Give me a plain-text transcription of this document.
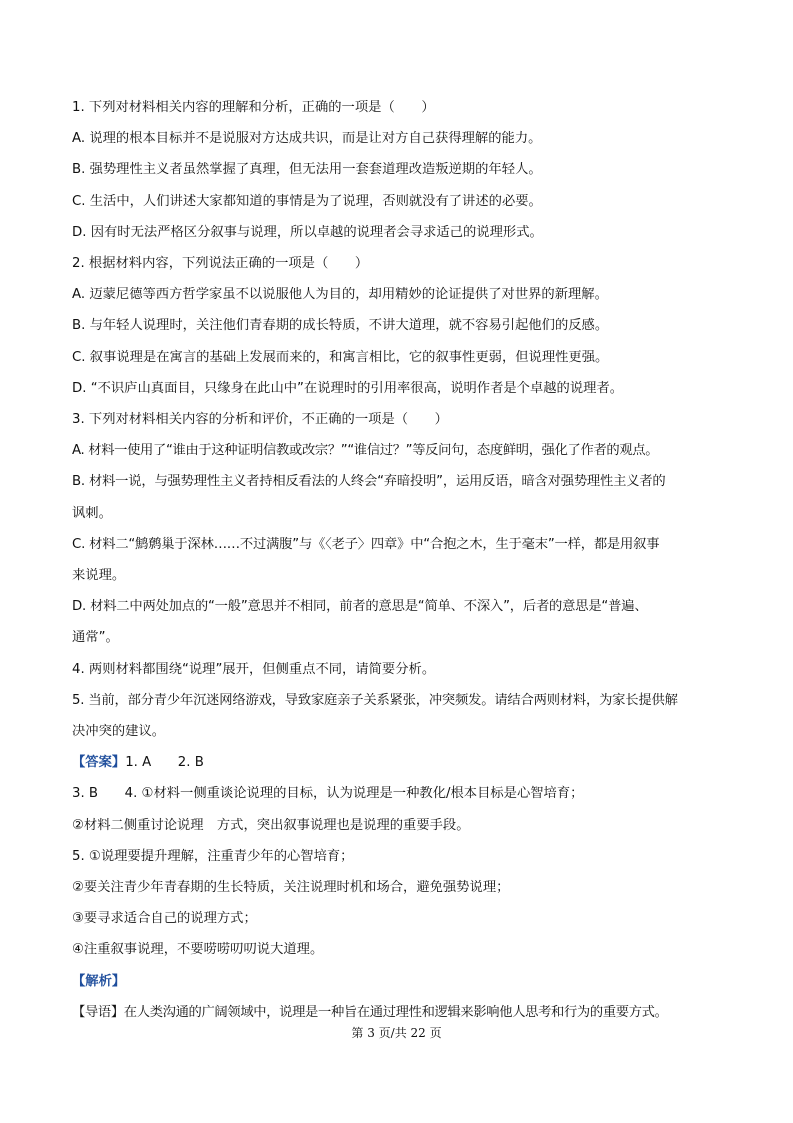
1. 下列对材料相关内容的理解和分析，正确的一项是（　　）
A. 说理的根本目标并不是说服对方达成共识，而是让对方自己获得理解的能力。
B. 强势理性主义者虽然掌握了真理，但无法用一套套道理改造叛逆期的年轻人。
C. 生活中，人们讲述大家都知道的事情是为了说理，否则就没有了讲述的必要。
D. 因有时无法严格区分叙事与说理，所以卓越的说理者会寻求适己的说理形式。
2. 根据材料内容，下列说法正确的一项是（　　）
A. 迈蒙尼德等西方哲学家虽不以说服他人为目的，却用精妙的论证提供了对世界的新理解。
B. 与年轻人说理时，关注他们青春期的成长特质，不讲大道理，就不容易引起他们的反感。
C. 叙事说理是在寓言的基础上发展而来的，和寓言相比，它的叙事性更弱，但说理性更强。
D. “不识庐山真面目，只缘身在此山中”在说理时的引用率很高，说明作者是个卓越的说理者。
3. 下列对材料相关内容的分析和评价，不正确的一项是（　　）
A. 材料一使用了“谁由于这种证明信教或改宗？”“谁信过？”等反问句，态度鲜明，强化了作者的观点。
B. 材料一说，与强势理性主义者持相反看法的人终会“弃暗投明”，运用反语，暗含对强势理性主义者的
讽刺。
C. 材料二“鹪鹩巢于深林……不过满腹”与《〈老子〉四章》中“合抱之木，生于毫末”一样，都是用叙事
来说理。
D. 材料二中两处加点的“一般”意思并不相同，前者的意思是“简单、不深入”，后者的意思是“普遍、
通常”。
4. 两则材料都围绕“说理”展开，但侧重点不同，请简要分析。
5. 当前，部分青少年沉迷网络游戏，导致家庭亲子关系紧张，冲突频发。请结合两则材料，为家长提供解
决冲突的建议。
【答案】1. A　　2. B
3. B　　4. ①材料一侧重谈论说理的目标，认为说理是一种教化/根本目标是心智培育；
②材料二侧重讨论说理　方式，突出叙事说理也是说理的重要手段。
5. ①说理要提升理解，注重青少年的心智培育；
②要关注青少年青春期的生长特质，关注说理时机和场合，避免强势说理；
③要寻求适合自己的说理方式；
④注重叙事说理，不要唠唠叨叨说大道理。
【解析】
【导语】在人类沟通的广阔领域中，说理是一种旨在通过理性和逻辑来影响他人思考和行为的重要方式。
第 3 页/共 22 页
